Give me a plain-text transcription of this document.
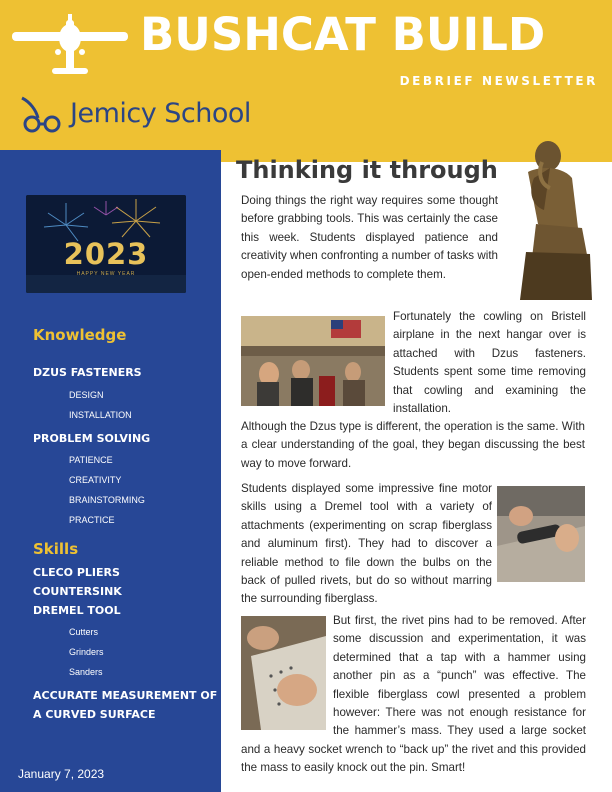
BUSHCAT BUILD
DEBRIEF NEWSLETTER
Jemicy School
2023
HAPPY NEW YEAR
Knowledge
DZUS FASTENERS
DESIGN
INSTALLATION
PROBLEM SOLVING
PATIENCE
CREATIVITY
BRAINSTORMING
PRACTICE
Skills
CLECO PLIERS
COUNTERSINK
DREMEL TOOL
Cutters
Grinders
Sanders
ACCURATE MEASUREMENT OF
A CURVED SURFACE
January 7, 2023
Thinking it through
Doing things the right way requires some thought before grabbing tools. This was certainly the case this week. Students displayed patience and creativity when confronting a number of tasks with open-ended methods to complete them.
Fortunately the cowling on Bristell airplane in the next hangar over is attached with Dzus fasteners. Students spent some time removing that cowling and examining the installation.
Although the Dzus type is different, the operation is the same. With a clear understanding of the goal, they began discussing the best way to move forward.
Students displayed some impressive fine motor skills using a Dremel tool with a variety of attachments (experimenting on scrap fiberglass and aluminum first). They had to discover a reliable method to file down the bulbs on the back of pulled rivets, but do so without marring the surrounding fiberglass.
But first, the rivet pins had to be removed. After some discussion and experimentation, it was determined that a tap with a hammer using another pin as a “punch” was effective. The flexible fiberglass cowl presented a problem however: There was not enough resistance for the hammer’s mass. They used a large socket and a heavy socket wrench to “back up” the rivet and this provided the mass to easily knock out the pin. Smart!
